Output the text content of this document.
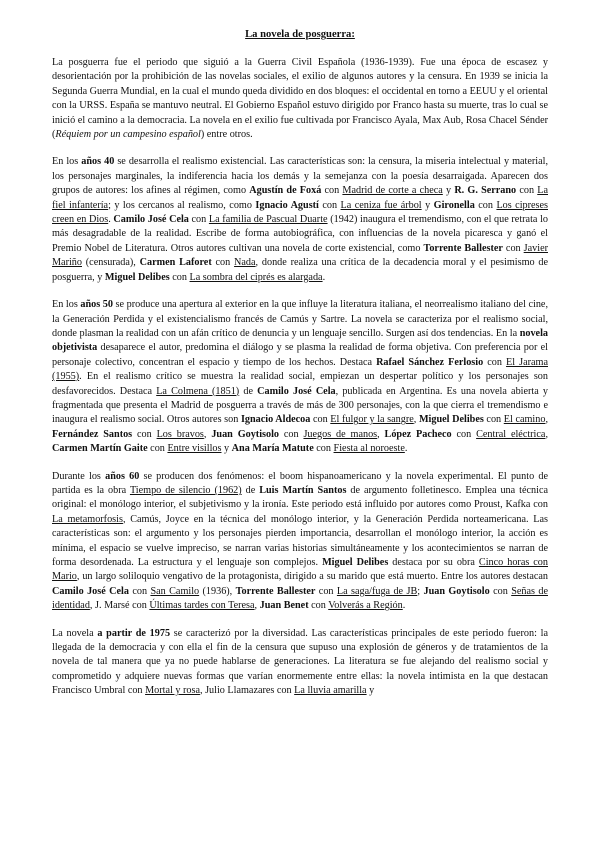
La novela de posguerra:

La posguerra fue el periodo que siguió a la Guerra Civil Española (1936-1939). Fue una época de escasez y desorientación por la prohibición de las novelas sociales, el exilio de algunos autores y la censura. En 1939 se inicia la Segunda Guerra Mundial, en la cual el mundo queda dividido en dos bloques: el occidental en torno a EEUU y el oriental con la URSS. España se mantuvo neutral. El Gobierno Español estuvo dirigido por Franco hasta su muerte, tras lo cual se inició el camino a la democracia. La novela en el exilio fue cultivada por Francisco Ayala, Max Aub, Rosa Chacel Sénder (Réquiem por un campesino español) entre otros.

En los años 40 se desarrolla el realismo existencial. Las características son: la censura, la miseria intelectual y material, los personajes marginales, la indiferencia hacia los demás y la semejanza con la poesía desarraigada. Aparecen dos grupos de autores: los afines al régimen, como Agustín de Foxá con Madrid de corte a checa y R. G. Serrano con La fiel infantería; y los cercanos al realismo, como Ignacio Agustí con La ceniza fue árbol y Gironella con Los cipreses creen en Dios. Camilo José Cela con La familia de Pascual Duarte (1942) inaugura el tremendismo, con el que retrata lo más desagradable de la realidad. Escribe de forma autobiográfica, con influencias de la novela picaresca y ganó el Premio Nobel de Literatura. Otros autores cultivan una novela de corte existencial, como Torrente Ballester con Javier Mariño (censurada), Carmen Laforet con Nada, donde realiza una crítica de la decadencia moral y el pesimismo de posguerra, y Miguel Delibes con La sombra del ciprés es alargada.

En los años 50 se produce una apertura al exterior en la que influye la literatura italiana, el neorrealismo italiano del cine, la Generación Perdida y el existencialismo francés de Camús y Sartre. La novela se caracteriza por el realismo social, donde plasman la realidad con un afán crítico de denuncia y un lenguaje sencillo. Surgen así dos tendencias. En la novela objetivista desaparece el autor, predomina el diálogo y se plasma la realidad de forma objetiva. Con preferencia por el personaje colectivo, concentran el espacio y tiempo de los hechos. Destaca Rafael Sánchez Ferlosio con El Jarama (1955). En el realismo crítico se muestra la realidad social, empiezan un despertar político y los personajes son desfavorecidos. Destaca La Colmena (1851) de Camilo José Cela, publicada en Argentina. Es una novela abierta y fragmentada que presenta el Madrid de posguerra a través de más de 300 personajes, con la que cierra el tremendismo e inaugura el realismo social. Otros autores son Ignacio Aldecoa con El fulgor y la sangre, Miguel Delibes con El camino, Fernández Santos con Los bravos, Juan Goytisolo con Juegos de manos, López Pacheco con Central eléctrica, Carmen Martín Gaite con Entre visillos y Ana María Matute con Fiesta al noroeste.

Durante los años 60 se producen dos fenómenos: el boom hispanoamericano y la novela experimental. El punto de partida es la obra Tiempo de silencio (1962) de Luis Martín Santos de argumento folletinesco. Emplea una técnica original: el monólogo interior, el subjetivismo y la ironía. Este periodo está influido por autores como Proust, Kafka con La metamorfosis, Camús, Joyce en la técnica del monólogo interior, y la Generación Perdida norteamericana. Las características son: el argumento y los personajes pierden importancia, desarrollan el monólogo interior, la acción es mínima, el espacio se vuelve impreciso, se narran varias historias simultáneamente y los acontecimientos se narran de forma desordenada. La estructura y el lenguaje son complejos. Miguel Delibes destaca por su obra Cinco horas con Mario, un largo soliloquio vengativo de la protagonista, dirigido a su marido que está muerto. Entre los autores destacan Camilo José Cela con San Camilo (1936), Torrente Ballester con La saga/fuga de JB; Juan Goytisolo con Señas de identidad, J. Marsé con Últimas tardes con Teresa, Juan Benet con Volverás a Región.

La novela a partir de 1975 se caracterizó por la diversidad. Las características principales de este periodo fueron: la llegada de la democracia y con ella el fin de la censura que supuso una explosión de géneros y de tratamientos de la novela de tal manera que ya no puede hablarse de generaciones. La literatura se fue alejando del realismo social y comprometido y adquiere nuevas formas que varían enormemente entre ellas: la novela intimista en la que destacan Francisco Umbral con Mortal y rosa, Julio Llamazares con La lluvia amarilla y
